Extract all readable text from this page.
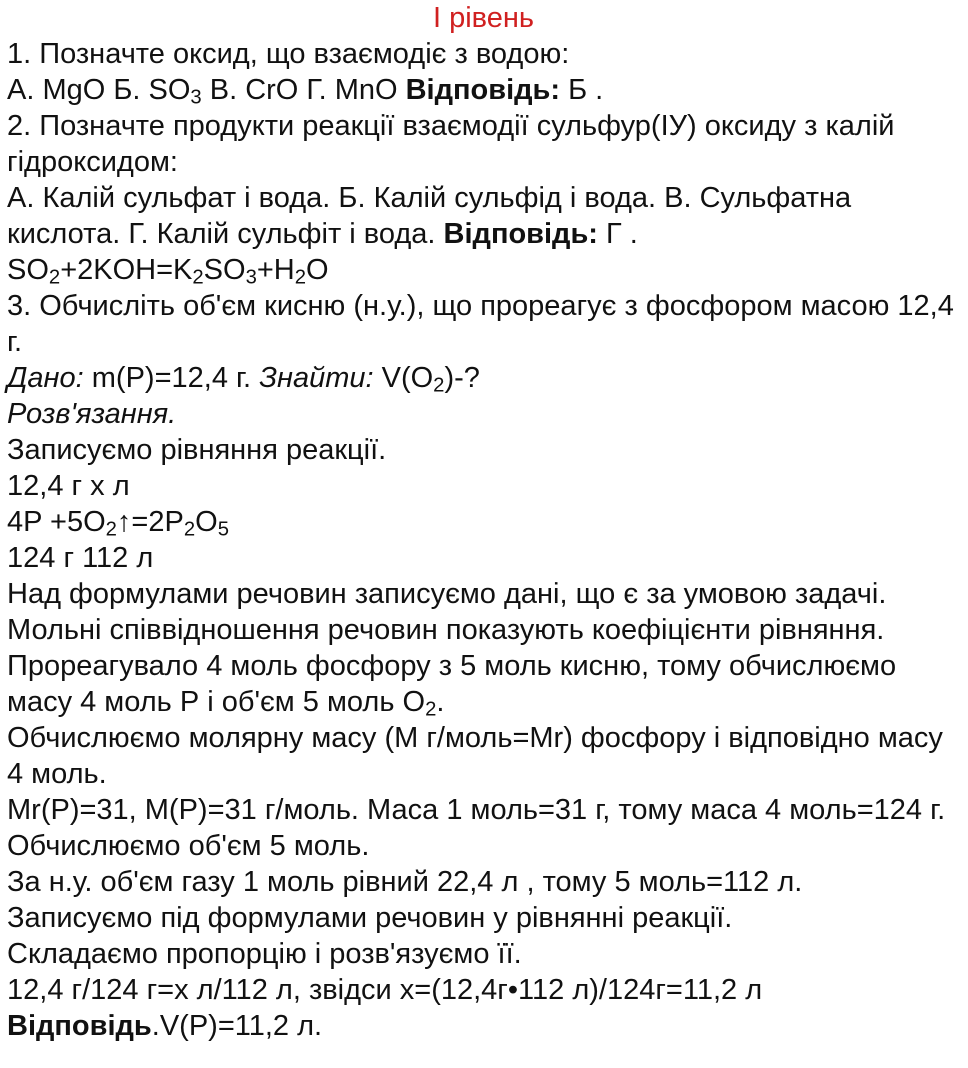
І рівень
1. Позначте оксид, що взаємодіє з водою:
А. MgO Б. $SO_3$ В. CrO Г. MnO Відповідь: Б .
2. Позначте продукти реакції взаємодії сульфур(IУ) оксиду з калій гідроксидом:
А. Калій сульфат і вода. Б. Калій сульфід і вода. В. Сульфатна кислота. Г. Калій сульфіт і вода. Відповідь: Г .
$SO_2+2KOH=K_2SO_3+H_2O$
3. Обчисліть об'єм кисню (н.у.), що прореагує з фосфором масою 12,4 г.
Дано: m(P)=12,4 г. Знайти: $V(O_2)-$?
Розв'язання.
Записуємо рівняння реакції.
12,4 г х л
$4P +5O_2↑=2P_2O_5$
124 г 112 л
Над формулами речовин записуємо дані, що є за умовою задачі.
Мольні співвідношення речовин показують коефіцієнти рівняння.
Прореагувало 4 моль фосфору з 5 моль кисню, тому обчислюємо масу 4 моль Р і об'єм 5 моль $O_2$.
Обчислюємо молярну масу (M г/моль=Mr) фосфору і відповідно масу 4 моль.
Mr(P)=31, M(P)=31 г/моль. Маса 1 моль=31 г, тому маса 4 моль=124 г.
Обчислюємо об'єм 5 моль.
За н.у. об'єм газу 1 моль рівний 22,4 л , тому 5 моль=112 л.
Записуємо під формулами речовин у рівнянні реакції.
Складаємо пропорцію і розв'язуємо її.
12,4 г/124 г=х л/112 л, звідси х=(12,4г•112 л)/124г=11,2 л
Відповідь.V(P)=11,2 л.
